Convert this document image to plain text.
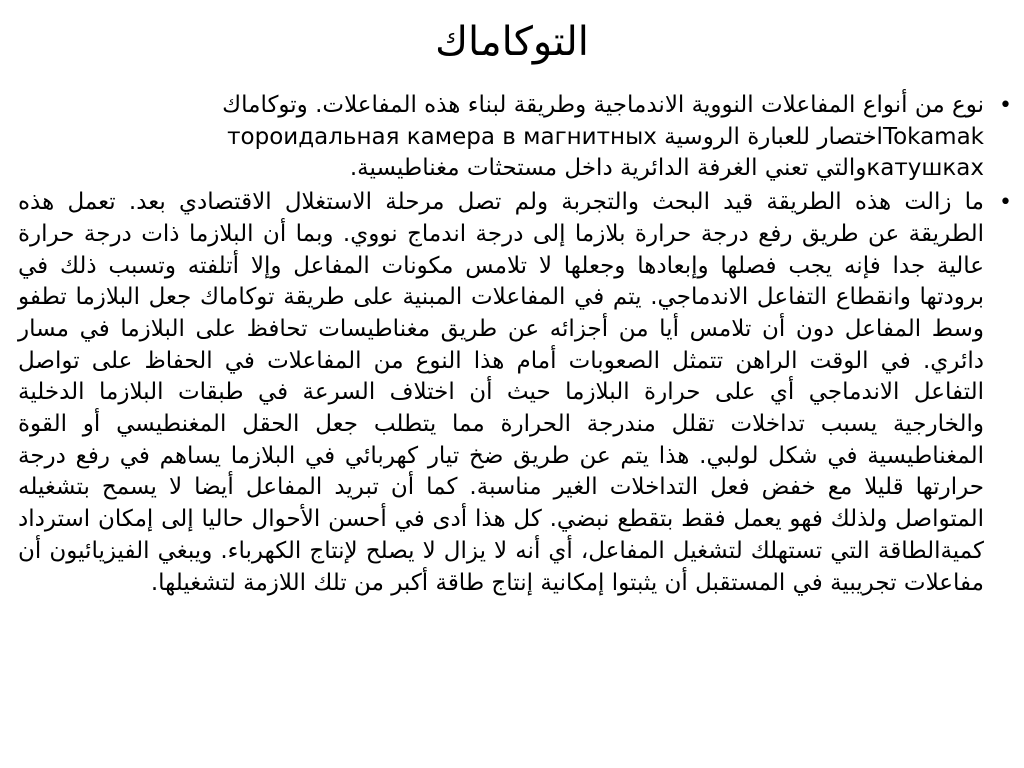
التوكاماك
•
نوع من أنواع المفاعلات النووية الاندماجية وطريقة لبناء هذه المفاعلات. وتوكاماك
Tokamakاختصار للعبارة الروسية тороидальная камера в магнитных
катушкахوالتي تعني الغرفة الدائرية داخل مستحثات مغناطيسية.
•
ما زالت هذه الطريقة قيد البحث والتجربة ولم تصل مرحلة الاستغلال الاقتصادي بعد. تعمل هذه الطريقة عن طريق رفع درجة حرارة بلازما إلى درجة اندماج نووي. وبما أن البلازما ذات درجة حرارة عالية جدا فإنه يجب فصلها وإبعادها وجعلها لا تلامس مكونات المفاعل وإلا أتلفته وتسبب ذلك في برودتها وانقطاع التفاعل الاندماجي. يتم في المفاعلات المبنية على طريقة توكاماك جعل البلازما تطفو وسط المفاعل دون أن تلامس أيا من أجزائه عن طريق مغناطيسات تحافظ على البلازما في مسار دائري. في الوقت الراهن تتمثل الصعوبات أمام هذا النوع من المفاعلات في الحفاظ على تواصل التفاعل الاندماجي أي على حرارة البلازما حيث أن اختلاف السرعة في طبقات البلازما الدخلية والخارجية يسبب تداخلات تقلل مندرجة الحرارة مما يتطلب جعل الحقل المغنطيسي أو القوة المغناطيسية في شكل لولبي. هذا يتم عن طريق ضخ تيار كهربائي في البلازما يساهم في رفع درجة حرارتها قليلا مع خفض فعل التداخلات الغير مناسبة. كما أن تبريد المفاعل أيضا لا يسمح بتشغيله المتواصل ولذلك فهو يعمل فقط بتقطع نبضي. كل هذا أدى في أحسن الأحوال حاليا إلى إمكان استرداد كميةالطاقة التي تستهلك لتشغيل المفاعل، أي أنه لا يزال لا يصلح لإنتاج الكهرباء. ويبغي الفيزيائيون أن مفاعلات تجريبية في المستقبل أن يثبتوا إمكانية إنتاج طاقة أكبر من تلك اللازمة لتشغيلها.
